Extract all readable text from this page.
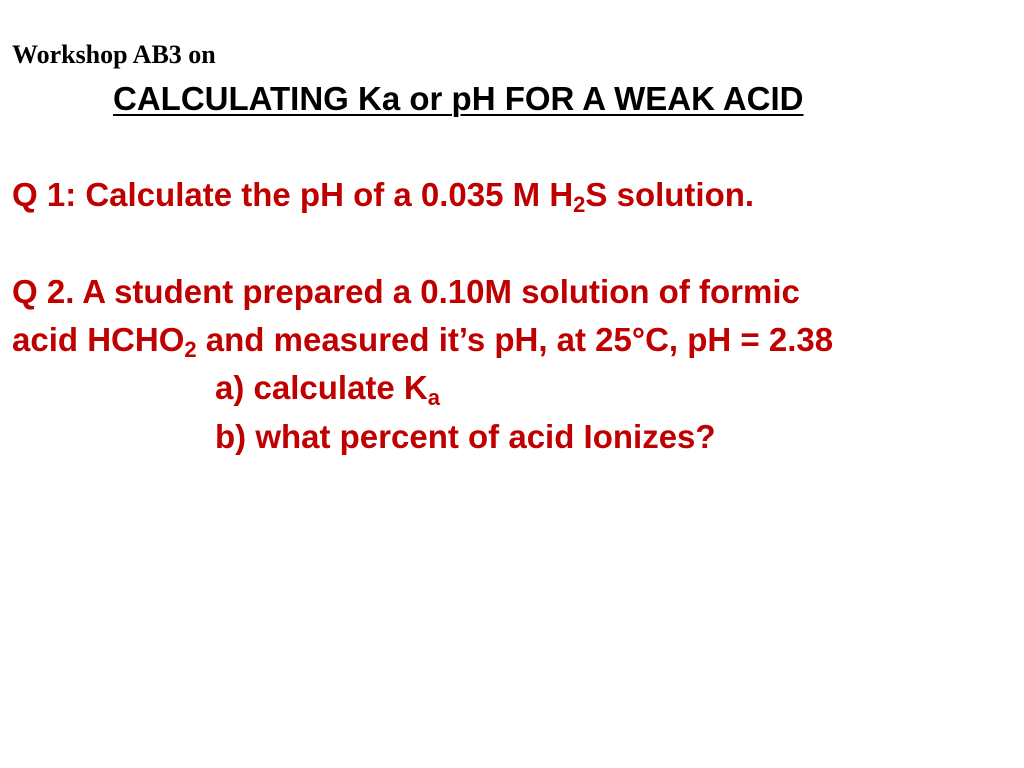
Workshop AB3 on
CALCULATING Ka or pH FOR A WEAK ACID
Q 1: Calculate the pH of a 0.035 M $H_2S$ solution.
Q 2. A student prepared a 0.10M solution of formic
acid $HCHO_2$ and measured it’s pH, at 25°C, pH = 2.38
a) calculate $K_a$
b) what percent of acid Ionizes?
